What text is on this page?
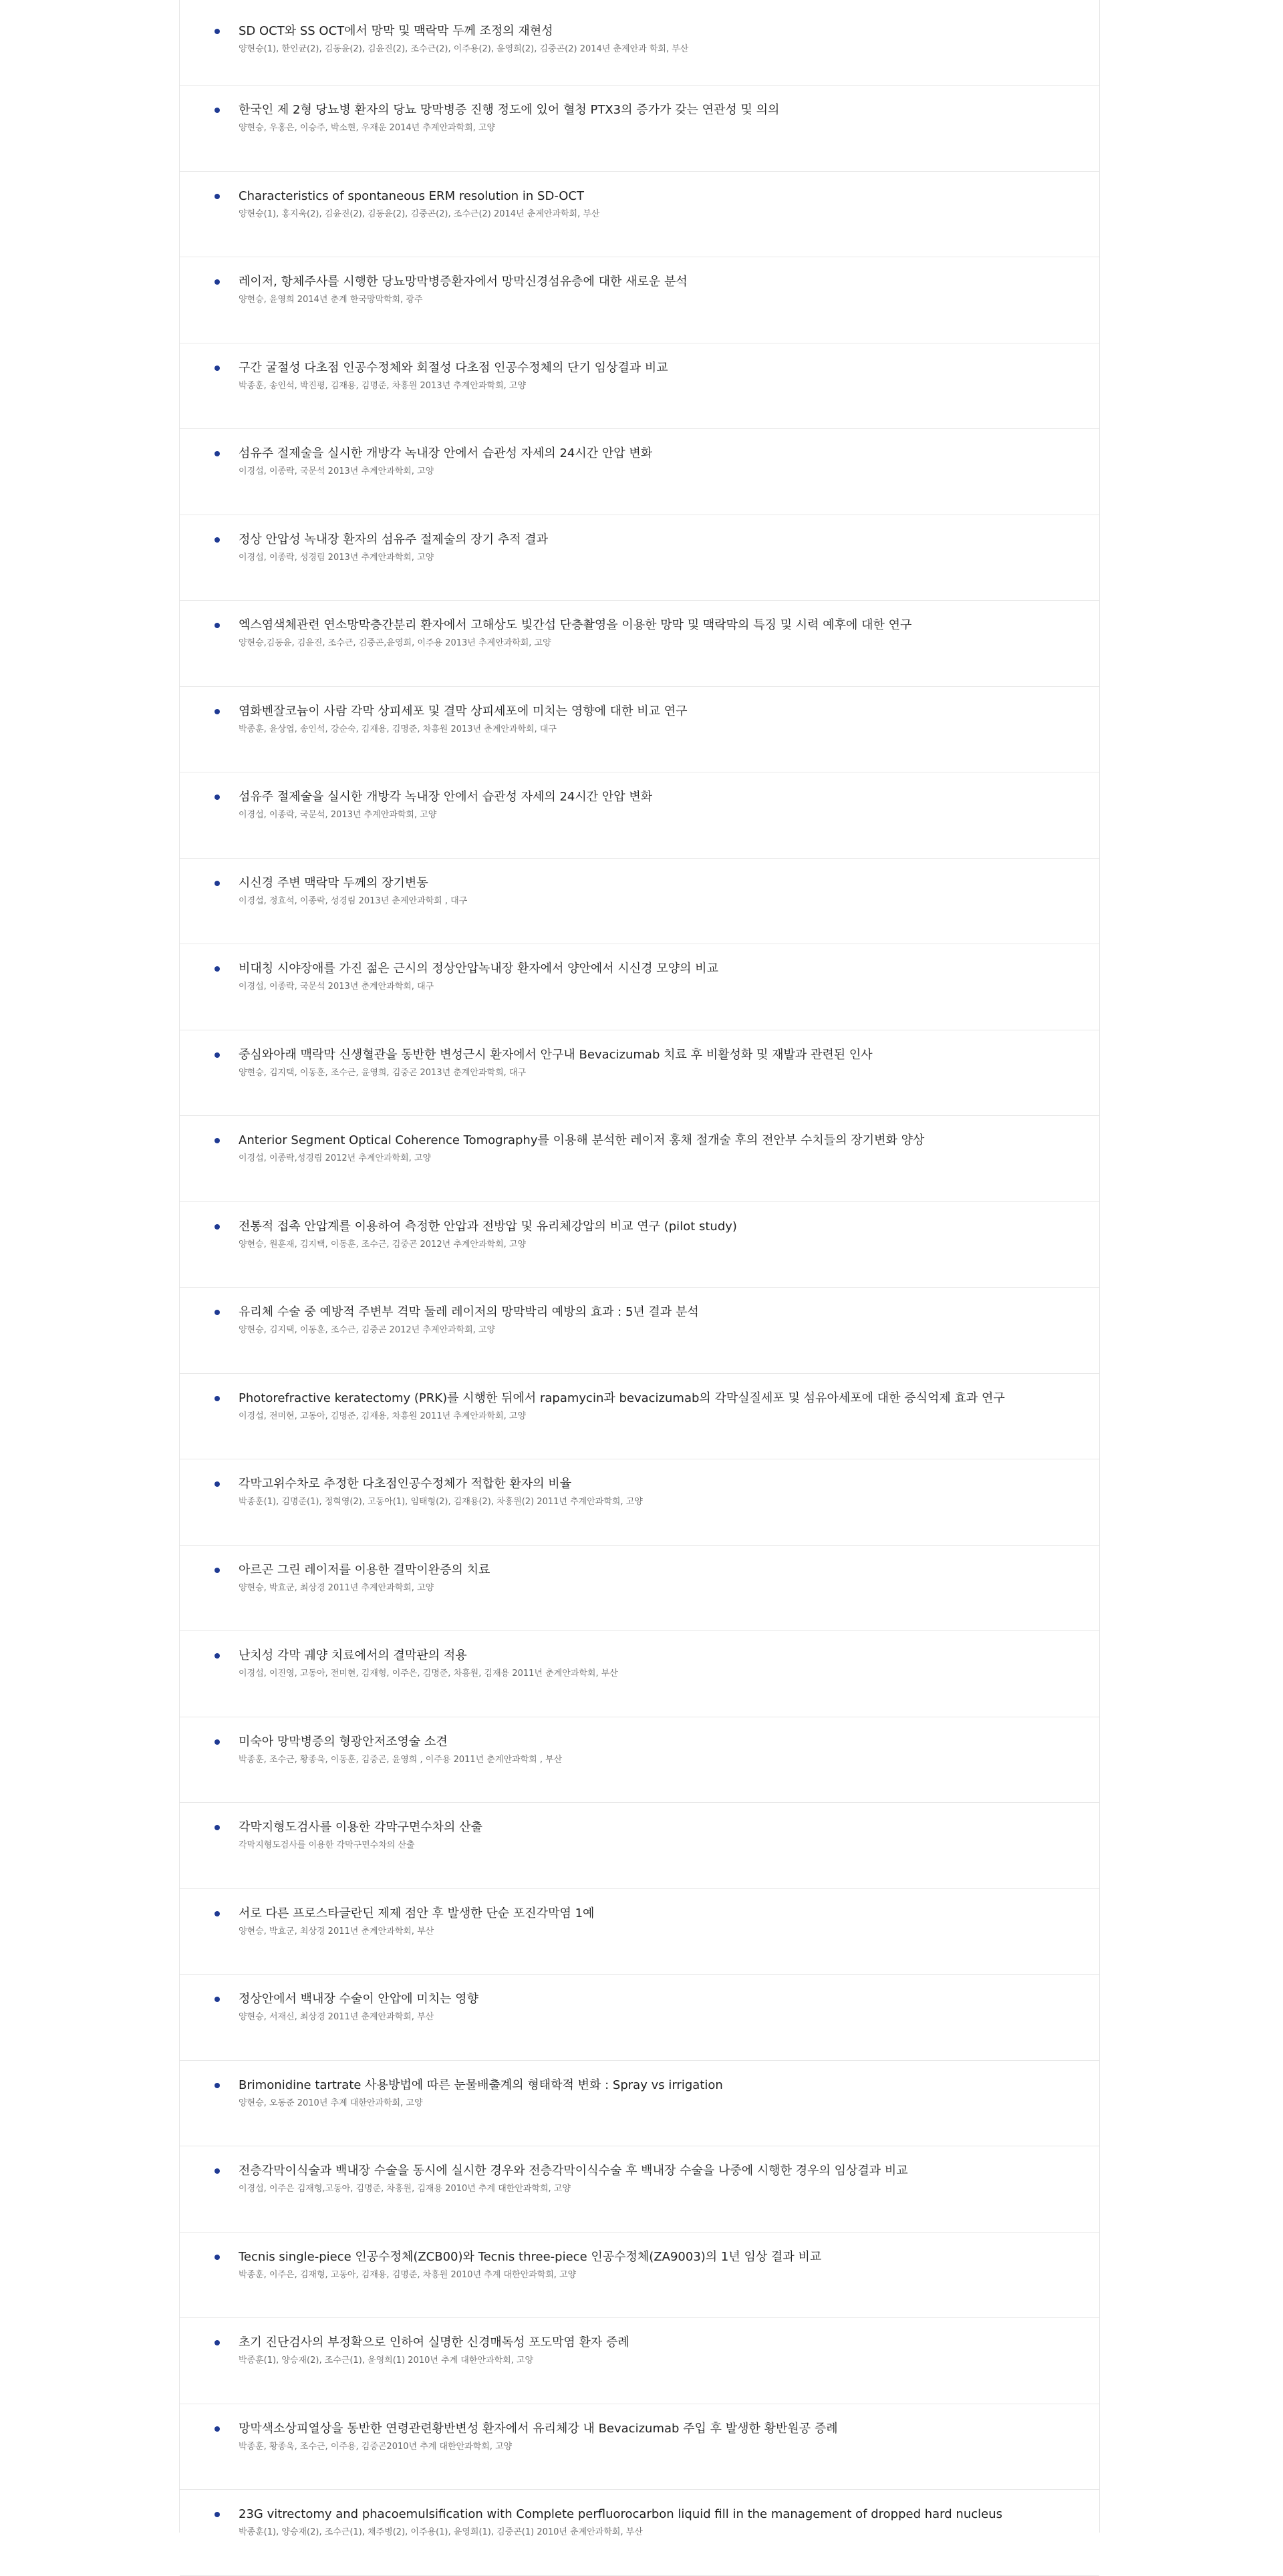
SD OCT와 SS OCT에서 망막 및 맥락막 두께 조정의 재현성
양현승(1), 한인균(2), 김동윤(2), 김윤진(2), 조수근(2), 이주용(2), 윤영희(2), 김중곤(2) 2014년 춘계안과 학회, 부산
한국인 제 2형 당뇨병 환자의 당뇨 망막병증 진행 정도에 있어 혈청 PTX3의 증가가 갖는 연관성 및 의의
양현승, 우홍은, 이승주, 박소현, 우재운 2014년 추계안과학회, 고양
Characteristics of spontaneous ERM resolution in SD-OCT
양현승(1), 홍지욱(2), 김윤진(2), 김동윤(2), 김중곤(2), 조수근(2) 2014년 춘계안과학회, 부산
레이저, 항체주사를 시행한 당뇨망막병증환자에서 망막신경섬유층에 대한 새로운 분석
양현승, 윤영희 2014년 춘계 한국망막학회, 광주
구간 굴절성 다초점 인공수정체와 회절성 다초점 인공수정체의 단기 임상결과 비교
박종훈, 송인석, 박진평, 김재용, 김명준, 차흥원 2013년 추계안과학회, 고양
섬유주 절제술을 실시한 개방각 녹내장 안에서 습관성 자세의 24시간 안압 변화
이경섭, 이종락, 국문석 2013년 추계안과학회, 고양
정상 안압성 녹내장 환자의 섬유주 절제술의 장기 추적 결과
이경섭, 이종락, 성경림 2013년 추계안과학회, 고양
엑스염색체관련 연소망막층간분리 환자에서 고해상도 빛간섭 단층촬영을 이용한 망막 및 맥락막의 특징 및 시력 예후에 대한 연구
양현승,김동윤, 김윤진, 조수근, 김중곤,윤영희, 이주용 2013년 추계안과학회, 고양
염화벤잘코늄이 사람 각막 상피세포 및 결막 상피세포에 미치는 영향에 대한 비교 연구
박종훈, 윤상엽, 송인석, 강순숙, 김재용, 김명준, 차흥원 2013년 춘계안과학회, 대구
섬유주 절제술을 실시한 개방각 녹내장 안에서 습관성 자세의 24시간 안압 변화
이경섭, 이종락, 국문석, 2013년 추계안과학회, 고양
시신경 주변 맥락막 두께의 장기변동
이경섭, 정효석, 이종락, 성경림 2013년 춘계안과학회 , 대구
비대칭 시야장애를 가진 젊은 근시의 정상안압녹내장 환자에서 양안에서 시신경 모양의 비교
이경섭, 이종락, 국문석 2013년 춘계안과학회, 대구
중심와아래 맥락막 신생혈관을 동반한 변성근시 환자에서 안구내 Bevacizumab 치료 후 비활성화 및 재발과 관련된 인사
양현승, 김지택, 이동훈, 조수근, 윤영희, 김중곤 2013년 춘계안과학회, 대구
Anterior Segment Optical Coherence Tomography를 이용해 분석한 레이저 홍채 절개술 후의 전안부 수치들의 장기변화 양상
이경섭, 이종락,성경림 2012년 추계안과학회, 고양
전통적 접촉 안압계를 이용하여 측정한 안압과 전방압 및 유리체강압의 비교 연구 (pilot study)
양현승, 원훈재, 김지택, 이동훈, 조수근, 김중곤 2012년 추계안과학회, 고양
유리체 수술 중 예방적 주변부 격막 둘레 레이저의 망막박리 예방의 효과 : 5년 결과 분석
양현승, 김지택, 이동훈, 조수근, 김중곤 2012년 추계안과학회, 고양
Photorefractive keratectomy (PRK)를 시행한 뒤에서 rapamycin과 bevacizumab의 각막실질세포 및 섬유아세포에 대한 증식억제 효과 연구
이경섭, 전미현, 고동아, 김명준, 김재용, 차흥원 2011년 추계안과학회, 고양
각막고위수차로 추정한 다초점인공수정체가 적합한 환자의 비율
박종훈(1), 김명준(1), 정혁영(2), 고동아(1), 임태형(2), 김재용(2), 차흥원(2) 2011년 추계안과학회, 고양
아르곤 그린 레이저를 이용한 결막이완증의 치료
양현승, 박효군, 최상경 2011년 추계안과학회, 고양
난치성 각막 궤양 치료에서의 결막판의 적용
이경섭, 이진영, 고동아, 전미현, 김재형, 이주은, 김명준, 차흥원, 김재용 2011년 춘계안과학회, 부산
미숙아 망막병증의 형광안저조영술 소견
박종훈, 조수근, 황종욱, 이동훈, 김중곤, 윤영희 , 이주용 2011년 춘계안과학회 , 부산
각막지형도검사를 이용한 각막구면수차의 산출
각막지형도검사를 이용한 각막구면수차의 산출
서로 다른 프로스타글란딘 제제 점안 후 발생한 단순 포진각막염 1예
양현승, 박효군, 최상경 2011년 춘계안과학회, 부산
정상안에서 백내장 수술이 안압에 미치는 영향
양현승, 서재신, 최상경 2011년 춘계안과학회, 부산
Brimonidine tartrate 사용방법에 따른 눈물배출계의 형태학적 변화 : Spray vs irrigation
양현승, 오동준 2010년 추계 대한안과학회, 고양
전층각막이식술과 백내장 수술을 동시에 실시한 경우와 전층각막이식수술 후 백내장 수술을 나중에 시행한 경우의 임상결과 비교
이경섭, 이주은 김재형,고동아, 김명준, 차흥원, 김재용 2010년 추계 대한안과학회, 고양
Tecnis single-piece 인공수정체(ZCB00)와 Tecnis three-piece 인공수정체(ZA9003)의 1년 임상 결과 비교
박종훈, 이주은, 김재형, 고동아, 김재용, 김명준, 차흥원 2010년 추계 대한안과학회, 고양
초기 진단검사의 부정확으로 인하여 실명한 신경매독성 포도막염 환자 증례
박종훈(1), 양승재(2), 조수근(1), 윤영희(1) 2010년 추계 대한안과학회, 고양
망막색소상피열상을 동반한 연령관련황반변성 환자에서 유리체강 내 Bevacizumab 주입 후 발생한 황반원공 증례
박종훈, 황종욱, 조수근, 이주용, 김중곤2010년 추계 대한안과학회, 고양
23G vitrectomy and phacoemulsification with Complete perfluorocarbon liquid fill in the management of dropped hard nucleus
박종훈(1), 양승재(2), 조수근(1), 채주병(2), 이주용(1), 윤영희(1), 김중곤(1) 2010년 춘계안과학회, 부산
